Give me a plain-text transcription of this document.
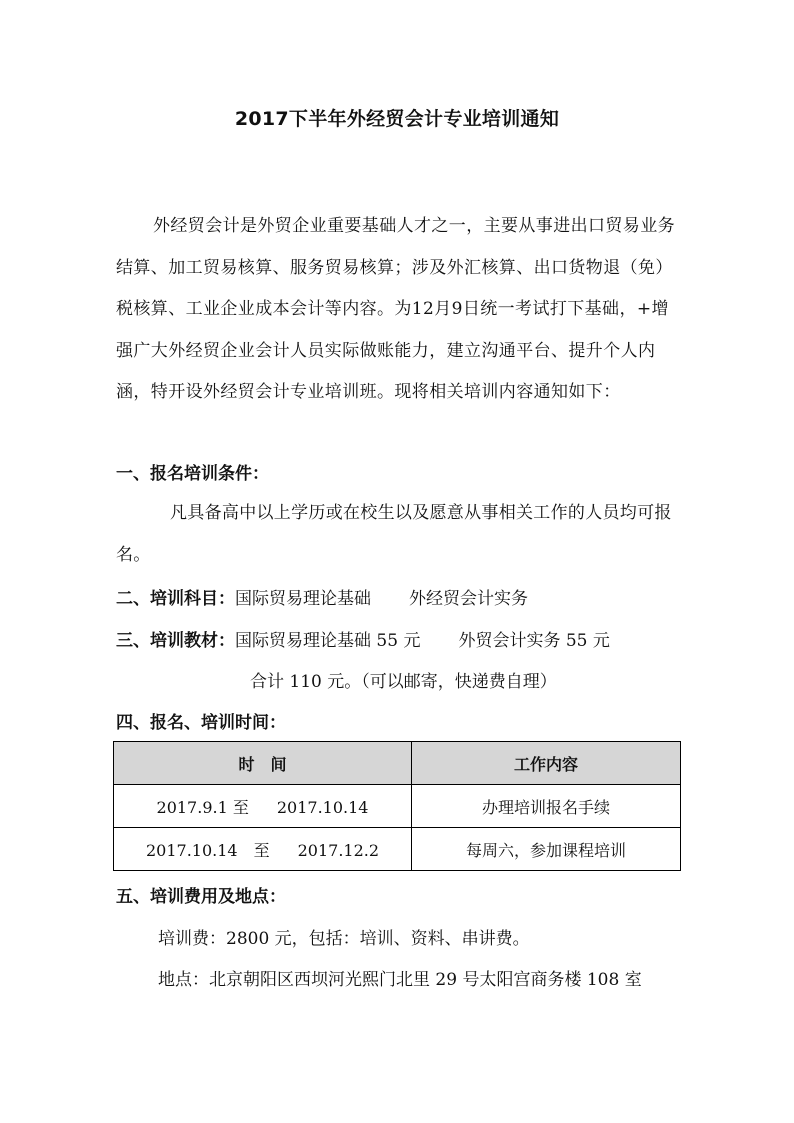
2017下半年外经贸会计专业培训通知

外经贸会计是外贸企业重要基础人才之一，主要从事进出口贸易业务结算、加工贸易核算、服务贸易核算；涉及外汇核算、出口货物退（免）税核算、工业企业成本会计等内容。为12月9日统一考试打下基础，+增强广大外经贸企业会计人员实际做账能力，建立沟通平台、提升个人内涵，特开设外经贸会计专业培训班。现将相关培训内容通知如下：

一、报名培训条件：

凡具备高中以上学历或在校生以及愿意从事相关工作的人员均可报名。

二、培训科目：国际贸易理论基础 外经贸会计实务
三、培训教材：国际贸易理论基础 55 元 外贸会计实务 55 元
合计 110 元。（可以邮寄，快递费自理）
四、报名、培训时间：
时　间	工作内容
2017.9.1 至 2017.10.14	办理培训报名手续
2017.10.14　至 2017.12.2	每周六，参加课程培训
五、培训费用及地点：
培训费：2800 元，包括：培训、资料、串讲费。
地点：北京朝阳区西坝河光熙门北里 29 号太阳宫商务楼 108 室
